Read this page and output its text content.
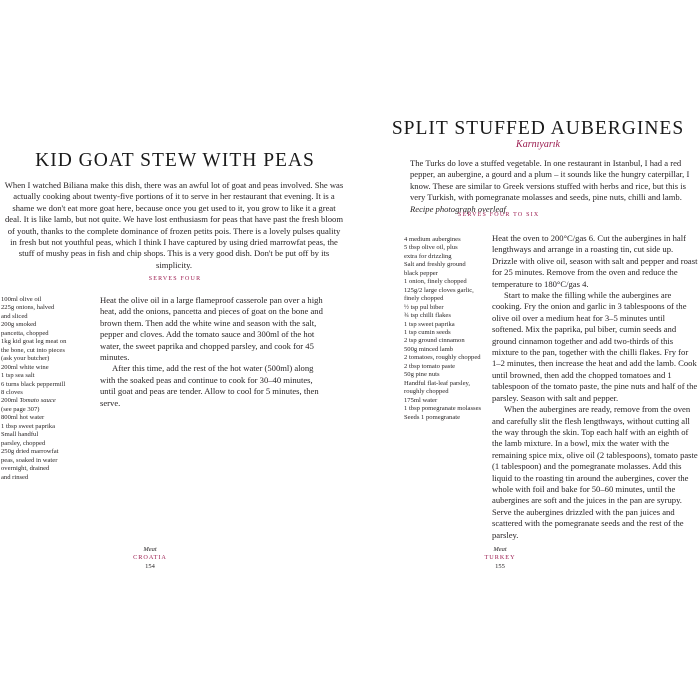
KID GOAT STEW WITH PEAS

When I watched Biliana make this dish, there was an awful lot of goat and peas involved. She was actually cooking about twenty-five portions of it to serve in her restaurant that evening. It is a shame we don't eat more goat here, because once you get used to it, you grow to like it a great deal. It is like lamb, but not quite. We have lost enthusiasm for peas that have past the fresh bloom of youth, thanks to the complete dominance of frozen petits pois. There is a lovely pulses quality in fresh but not youthful peas, which I think I have captured by using dried marrowfat peas, the stuff of mushy peas in fish and chip shops. This is a very good dish. Don't be put off by its simplicity.

SERVES FOUR

100ml olive oil
225g onions, halved
and sliced
200g smoked
pancetta, chopped
1kg kid goat leg meat on
the bone, cut into pieces
(ask your butcher)
200ml white wine
1 tsp sea salt
6 turns black peppermill
8 cloves
200ml Tomato sauce
(see page 307)
800ml hot water
1 tbsp sweet paprika
Small handful
parsley, chopped
250g dried marrowfat
peas, soaked in water
overnight, drained
and rinsed

Heat the olive oil in a large flameproof casserole pan over a high heat, add the onions, pancetta and pieces of goat on the bone and brown them. Then add the white wine and season with the salt, pepper and cloves. Add the tomato sauce and 300ml of the hot water, the sweet paprika and chopped parsley, and cook for 45 minutes.

After this time, add the rest of the hot water (500ml) along with the soaked peas and continue to cook for 30–40 minutes, until goat and peas are tender. Allow to cool for 5 minutes, then serve.

Meat
CROATIA
154
SPLIT STUFFED AUBERGINES

Karnıyarık

The Turks do love a stuffed vegetable. In one restaurant in Istanbul, I had a red pepper, an aubergine, a gourd and a plum – it sounds like the hungry caterpillar, I know. These are similar to Greek versions stuffed with herbs and rice, but this is very Turkish, with pomegranate molasses and seeds, pine nuts, chilli and lamb. Recipe photograph overleaf

SERVES FOUR TO SIX

4 medium aubergines
5 tbsp olive oil, plus
extra for drizzling
Salt and freshly ground
black pepper
1 onion, finely chopped
125g/2 large cloves garlic,
finely chopped
½ tsp pul biber
¾ tsp chilli flakes
1 tsp sweet paprika
1 tsp cumin seeds
2 tsp ground cinnamon
500g minced lamb
2 tomatoes, roughly chopped
2 tbsp tomato paste
50g pine nuts
Handful flat-leaf parsley,
roughly chopped
175ml water
1 tbsp pomegranate molasses
Seeds 1 pomegranate

Heat the oven to 200°C/gas 6. Cut the aubergines in half lengthways and arrange in a roasting tin, cut side up. Drizzle with olive oil, season with salt and pepper and roast for 25 minutes. Remove from the oven and reduce the temperature to 180°C/gas 4.

Start to make the filling while the aubergines are cooking. Fry the onion and garlic in 3 tablespoons of the olive oil over a medium heat for 3–5 minutes until softened. Mix the paprika, pul biber, cumin seeds and ground cinnamon together and add two-thirds of this mixture to the pan, together with the chilli flakes. Fry for 1–2 minutes, then increase the heat and add the lamb. Cook until browned, then add the chopped tomatoes and 1 tablespoon of the tomato paste, the pine nuts and half of the parsley. Season with salt and pepper.

When the aubergines are ready, remove from the oven and carefully slit the flesh lengthways, without cutting all the way through the skin. Top each half with an eighth of the lamb mixture. In a bowl, mix the water with the remaining spice mix, olive oil (2 tablespoons), tomato paste (1 tablespoon) and the pomegranate molasses. Add this liquid to the roasting tin around the aubergines, cover the whole with foil and bake for 50–60 minutes, until the aubergines are soft and the juices in the pan are syrupy. Serve the aubergines drizzled with the pan juices and scattered with the pomegranate seeds and the rest of the parsley.

Meat
TURKEY
155
